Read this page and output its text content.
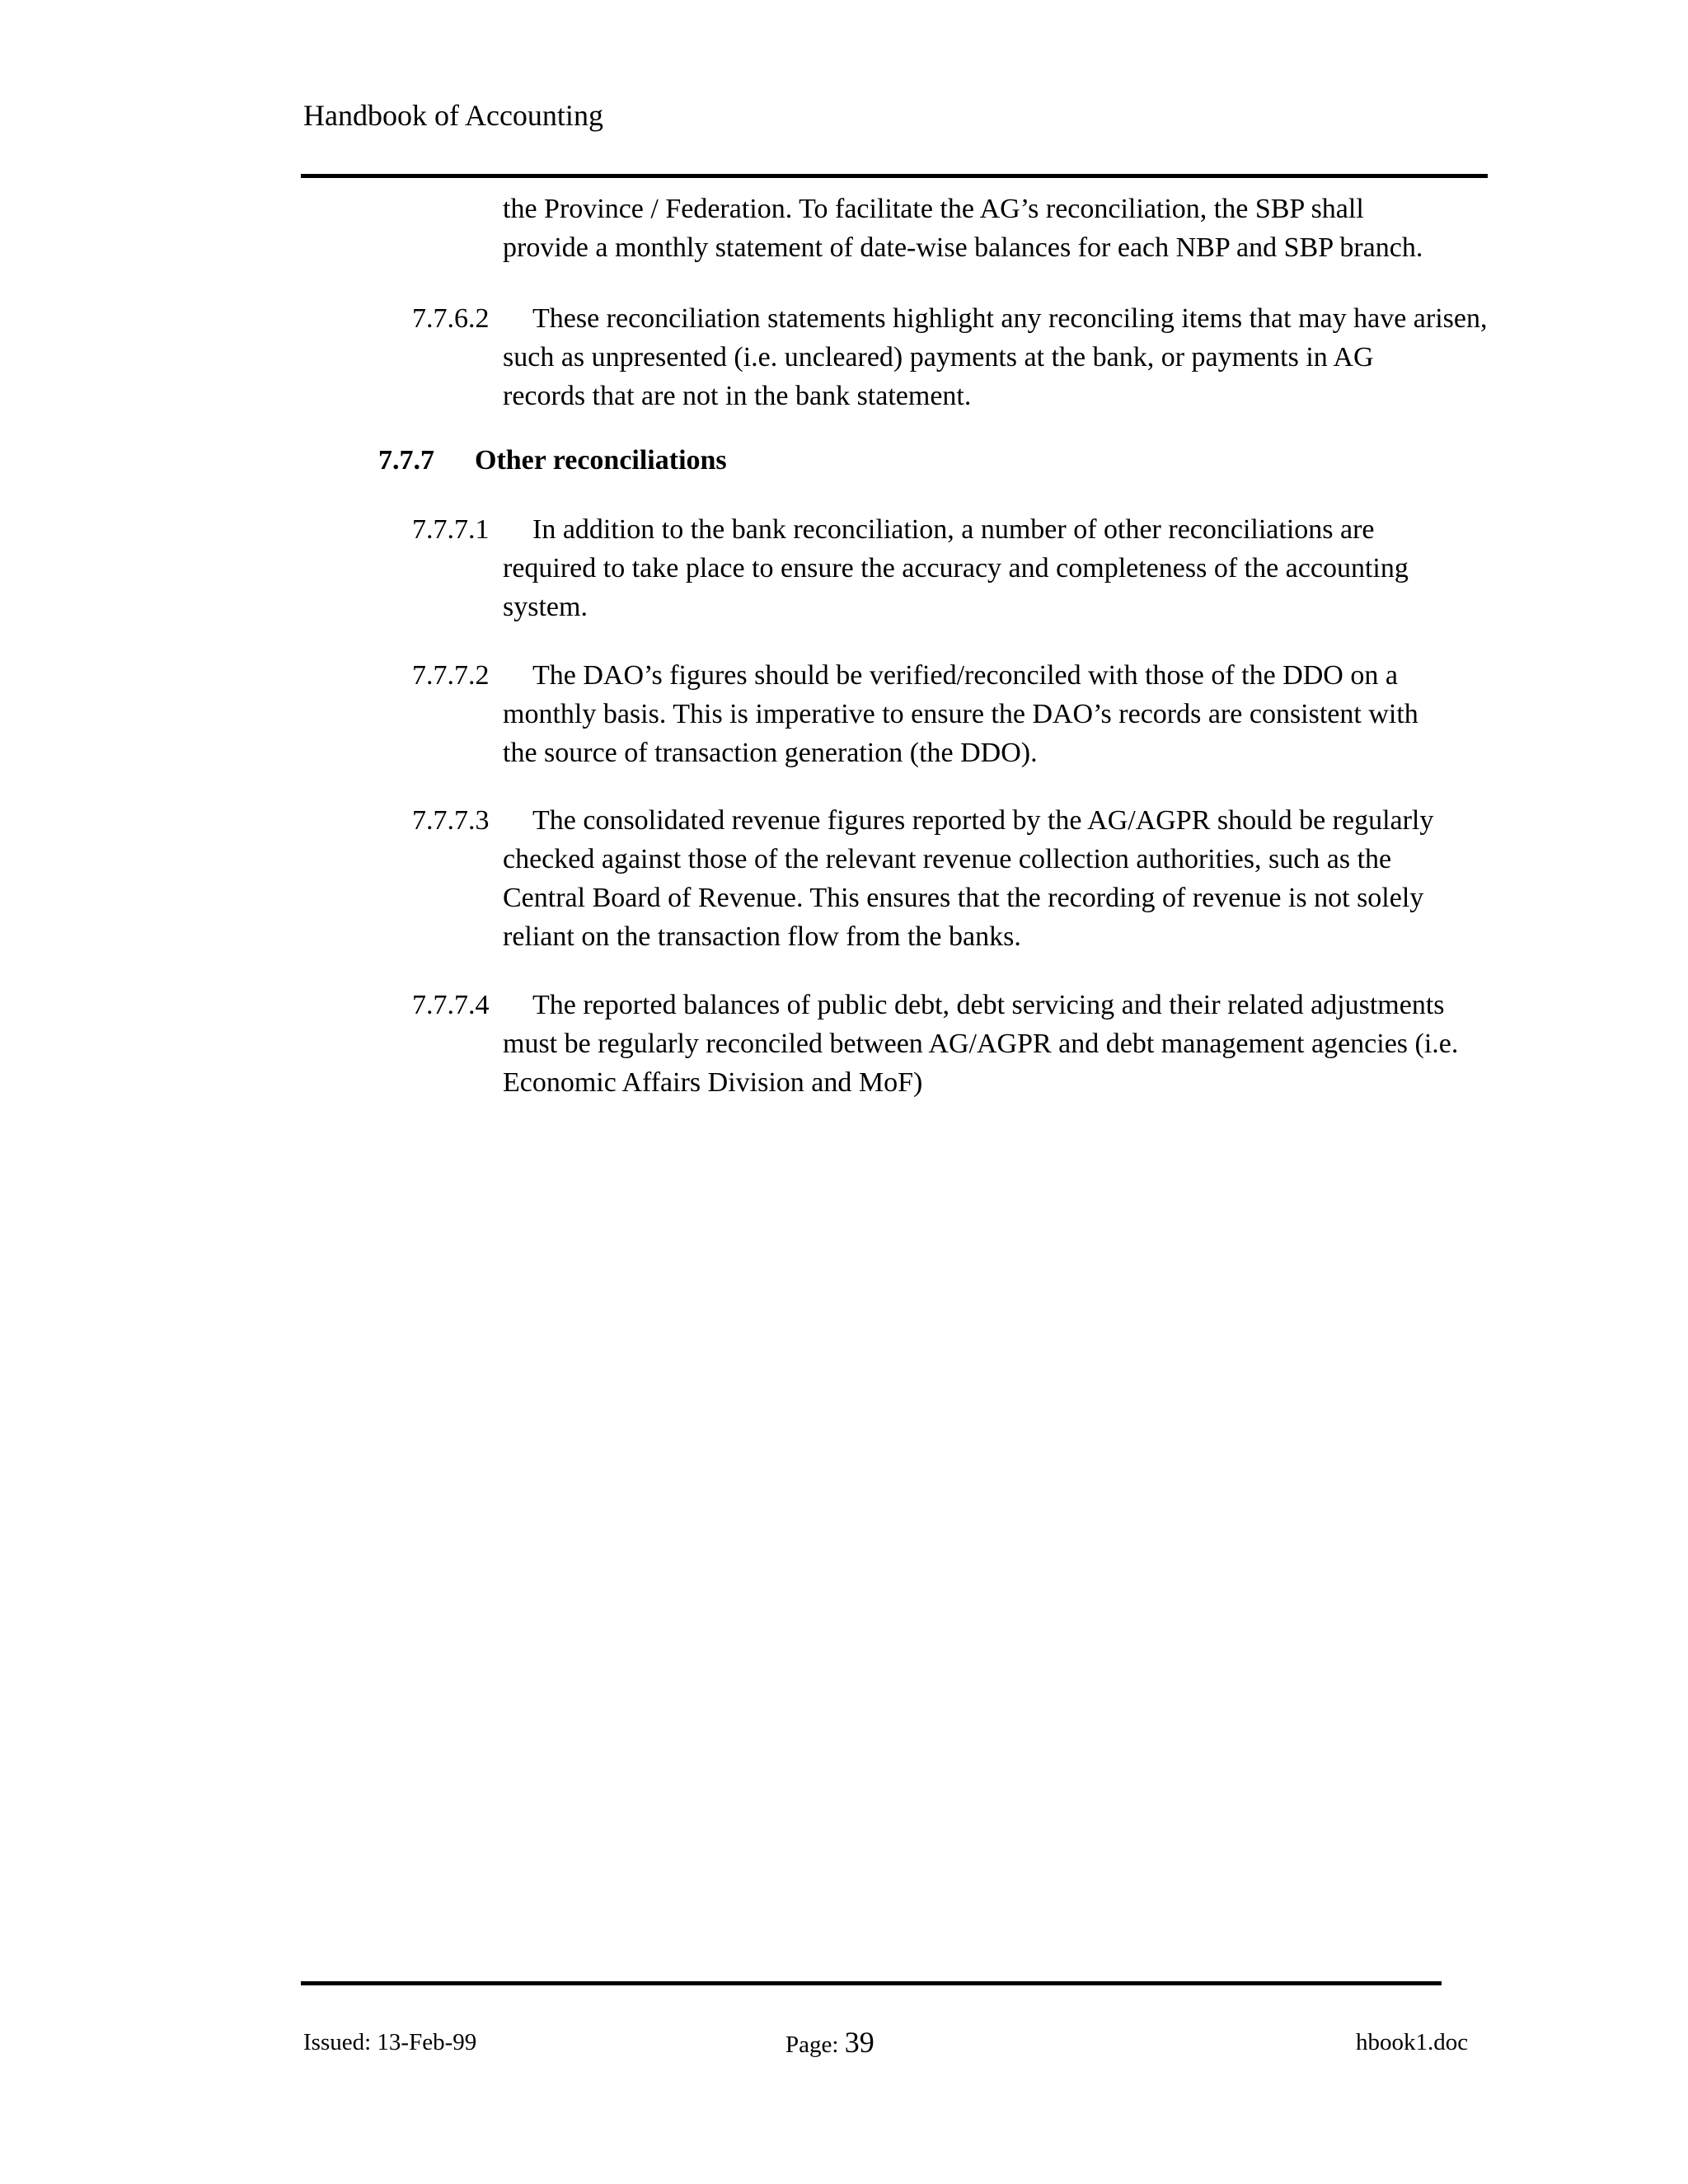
Handbook of Accounting
the Province / Federation. To facilitate the AG’s reconciliation, the SBP shall
provide a monthly statement of date-wise balances for each NBP and SBP branch.
7.7.6.2 These reconciliation statements highlight any reconciling items that may have arisen,
such as unpresented (i.e. uncleared) payments at the bank, or payments in AG
records that are not in the bank statement.
7.7.7 Other reconciliations
7.7.7.1 In addition to the bank reconciliation, a number of other reconciliations are
required to take place to ensure the accuracy and completeness of the accounting
system.
7.7.7.2 The DAO’s figures should be verified/reconciled with those of the DDO on a
monthly basis. This is imperative to ensure the DAO’s records are consistent with
the source of transaction generation (the DDO).
7.7.7.3 The consolidated revenue figures reported by the AG/AGPR should be regularly
checked against those of the relevant revenue collection authorities, such as the
Central Board of Revenue. This ensures that the recording of revenue is not solely
reliant on the transaction flow from the banks.
7.7.7.4 The reported balances of public debt, debt servicing and their related adjustments
must be regularly reconciled between AG/AGPR and debt management agencies (i.e.
Economic Affairs Division and MoF)
Issued: 13-Feb-99	Page: 39	hbook1.doc
